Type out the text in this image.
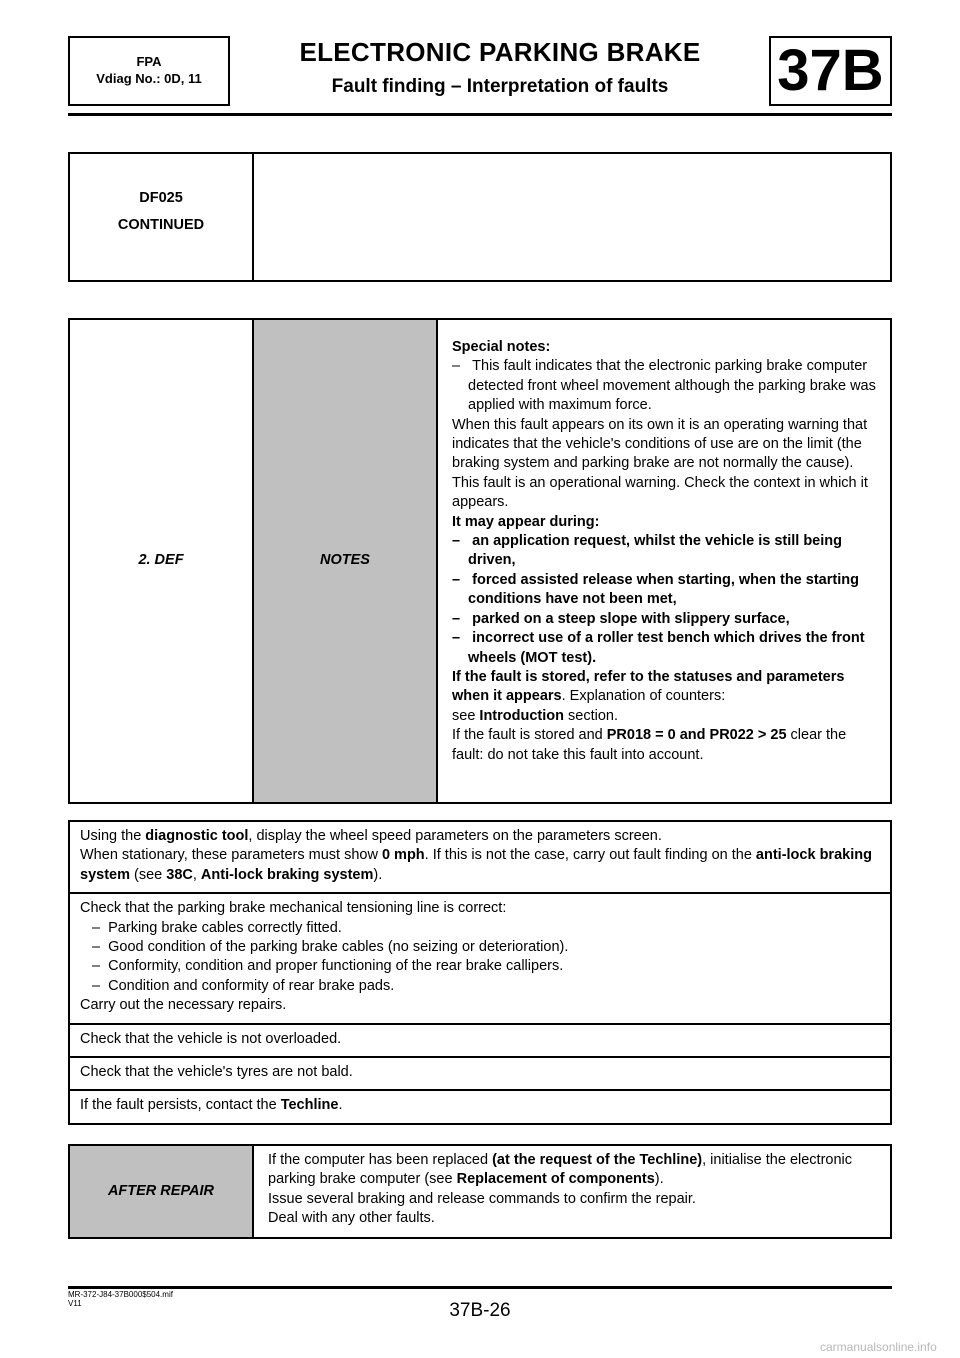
FPA
Vdiag No.: 0D, 11
ELECTRONIC PARKING BRAKE
Fault finding – Interpretation of faults	37B
DF025
CONTINUED

2. DEF	NOTES	
Special notes:
–   This fault indicates that the electronic parking brake computer detected front wheel movement although the parking brake was applied with maximum force.
When this fault appears on its own it is an operating warning that indicates that the vehicle's conditions of use are on the limit (the braking system and parking brake are not normally the cause).
This fault is an operational warning. Check the context in which it appears.
It may appear during:
–   an application request, whilst the vehicle is still being driven,
–   forced assisted release when starting, when the starting conditions have not been met,
–   parked on a steep slope with slippery surface,
–   incorrect use of a roller test bench which drives the front wheels (MOT test).
If the fault is stored, refer to the statuses and parameters when it appears. Explanation of counters:
see Introduction section.
If the fault is stored and PR018 = 0 and PR022 > 25 clear the fault: do not take this fault into account.
Using the diagnostic tool, display the wheel speed parameters on the parameters screen.
When stationary, these parameters must show 0 mph. If this is not the case, carry out fault finding on the anti-lock braking system (see 38C, Anti-lock braking system).

Check that the parking brake mechanical tensioning line is correct:
–  Parking brake cables correctly fitted.
–  Good condition of the parking brake cables (no seizing or deterioration).
–  Conformity, condition and proper functioning of the rear brake callipers.
–  Condition and conformity of rear brake pads.
Carry out the necessary repairs.

Check that the vehicle is not overloaded.
Check that the vehicle's tyres are not bald.
If the fault persists, contact the Techline.
AFTER REPAIR	
If the computer has been replaced (at the request of the Techline), initialise the electronic parking brake computer (see Replacement of components).
Issue several braking and release commands to confirm the repair.
Deal with any other faults.
MR-372-J84-37B000$504.mif
V11	37B-26
carmanualsonline.info
